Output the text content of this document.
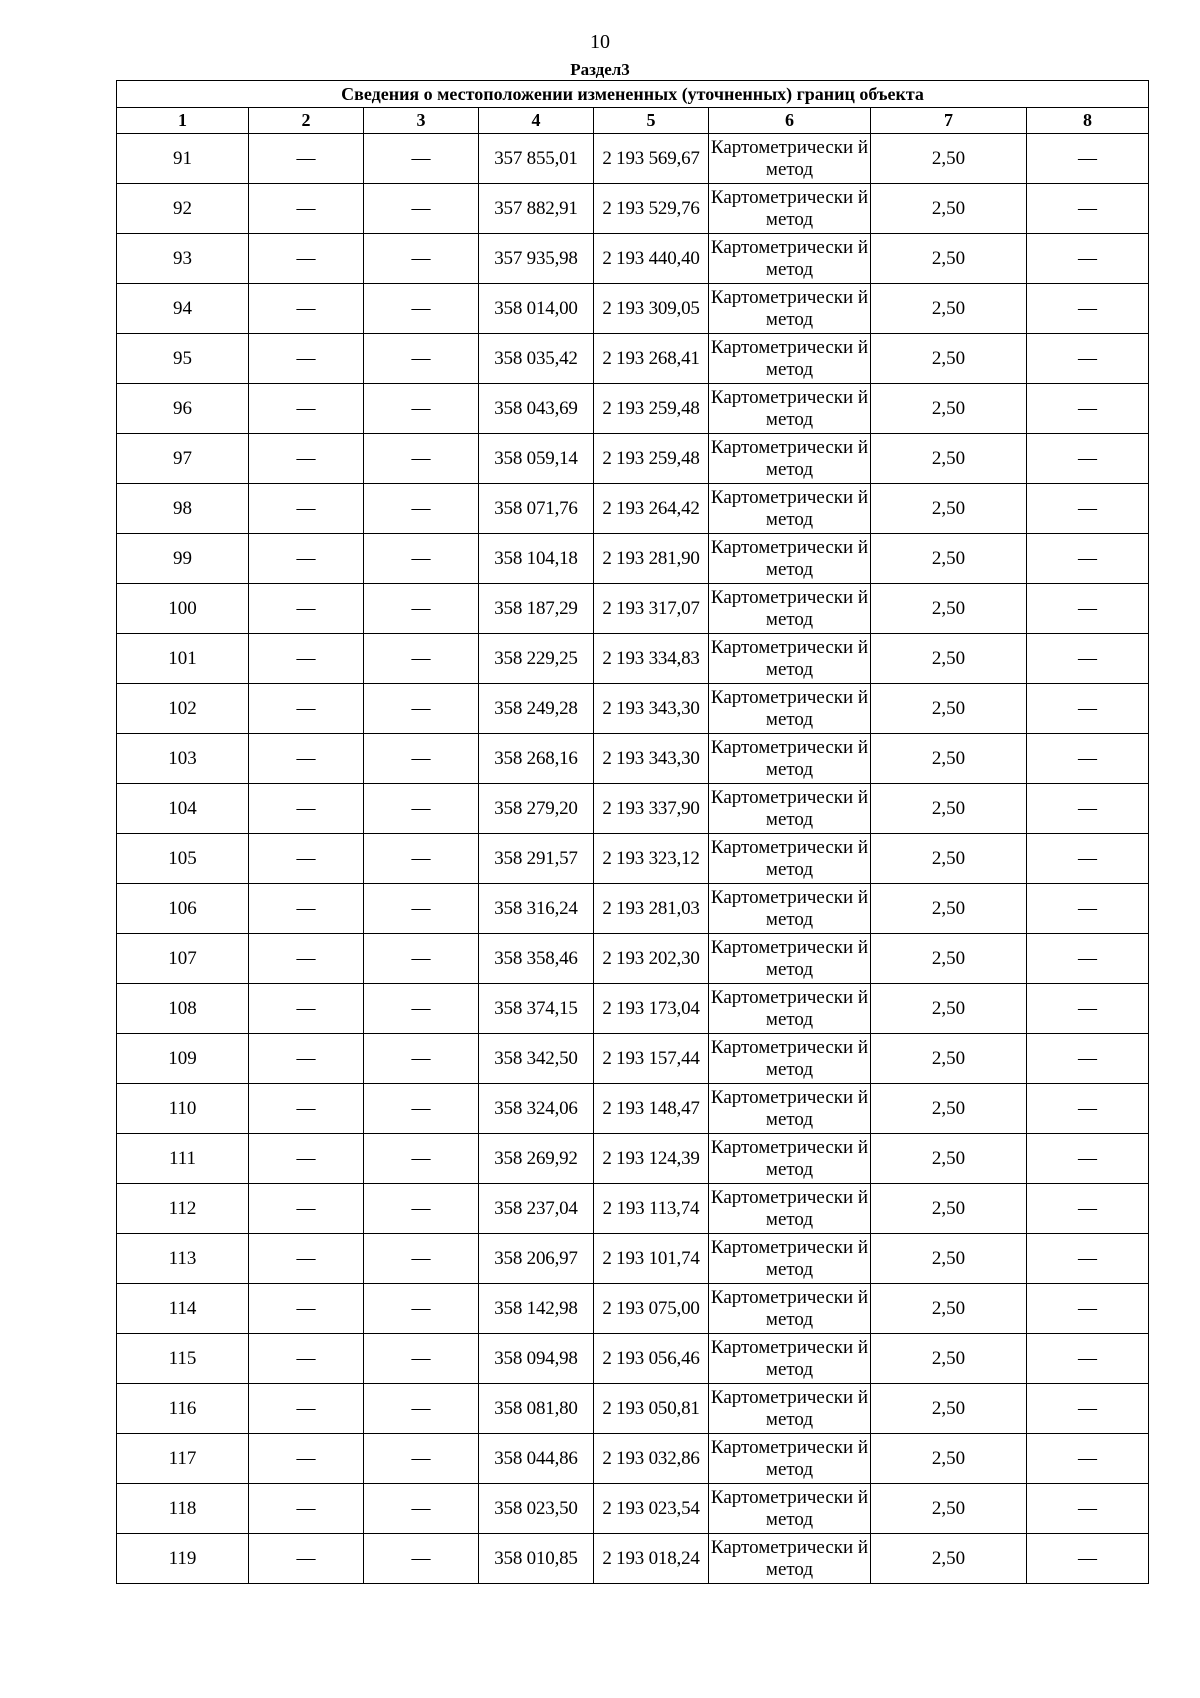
10
Раздел3
Сведения о местоположении измененных (уточненных) границ объекта							
1	2	3	4	5	6	7	8
91	—	—	357 855,01	2 193 569,67	Картометрически й метод	2,50	—
92	—	—	357 882,91	2 193 529,76	Картометрически й метод	2,50	—
93	—	—	357 935,98	2 193 440,40	Картометрически й метод	2,50	—
94	—	—	358 014,00	2 193 309,05	Картометрически й метод	2,50	—
95	—	—	358 035,42	2 193 268,41	Картометрически й метод	2,50	—
96	—	—	358 043,69	2 193 259,48	Картометрически й метод	2,50	—
97	—	—	358 059,14	2 193 259,48	Картометрически й метод	2,50	—
98	—	—	358 071,76	2 193 264,42	Картометрически й метод	2,50	—
99	—	—	358 104,18	2 193 281,90	Картометрически й метод	2,50	—
100	—	—	358 187,29	2 193 317,07	Картометрически й метод	2,50	—
101	—	—	358 229,25	2 193 334,83	Картометрически й метод	2,50	—
102	—	—	358 249,28	2 193 343,30	Картометрически й метод	2,50	—
103	—	—	358 268,16	2 193 343,30	Картометрически й метод	2,50	—
104	—	—	358 279,20	2 193 337,90	Картометрически й метод	2,50	—
105	—	—	358 291,57	2 193 323,12	Картометрически й метод	2,50	—
106	—	—	358 316,24	2 193 281,03	Картометрически й метод	2,50	—
107	—	—	358 358,46	2 193 202,30	Картометрически й метод	2,50	—
108	—	—	358 374,15	2 193 173,04	Картометрически й метод	2,50	—
109	—	—	358 342,50	2 193 157,44	Картометрически й метод	2,50	—
110	—	—	358 324,06	2 193 148,47	Картометрически й метод	2,50	—
111	—	—	358 269,92	2 193 124,39	Картометрически й метод	2,50	—
112	—	—	358 237,04	2 193 113,74	Картометрически й метод	2,50	—
113	—	—	358 206,97	2 193 101,74	Картометрически й метод	2,50	—
114	—	—	358 142,98	2 193 075,00	Картометрически й метод	2,50	—
115	—	—	358 094,98	2 193 056,46	Картометрически й метод	2,50	—
116	—	—	358 081,80	2 193 050,81	Картометрически й метод	2,50	—
117	—	—	358 044,86	2 193 032,86	Картометрически й метод	2,50	—
118	—	—	358 023,50	2 193 023,54	Картометрически й метод	2,50	—
119	—	—	358 010,85	2 193 018,24	Картометрически й метод	2,50	—
